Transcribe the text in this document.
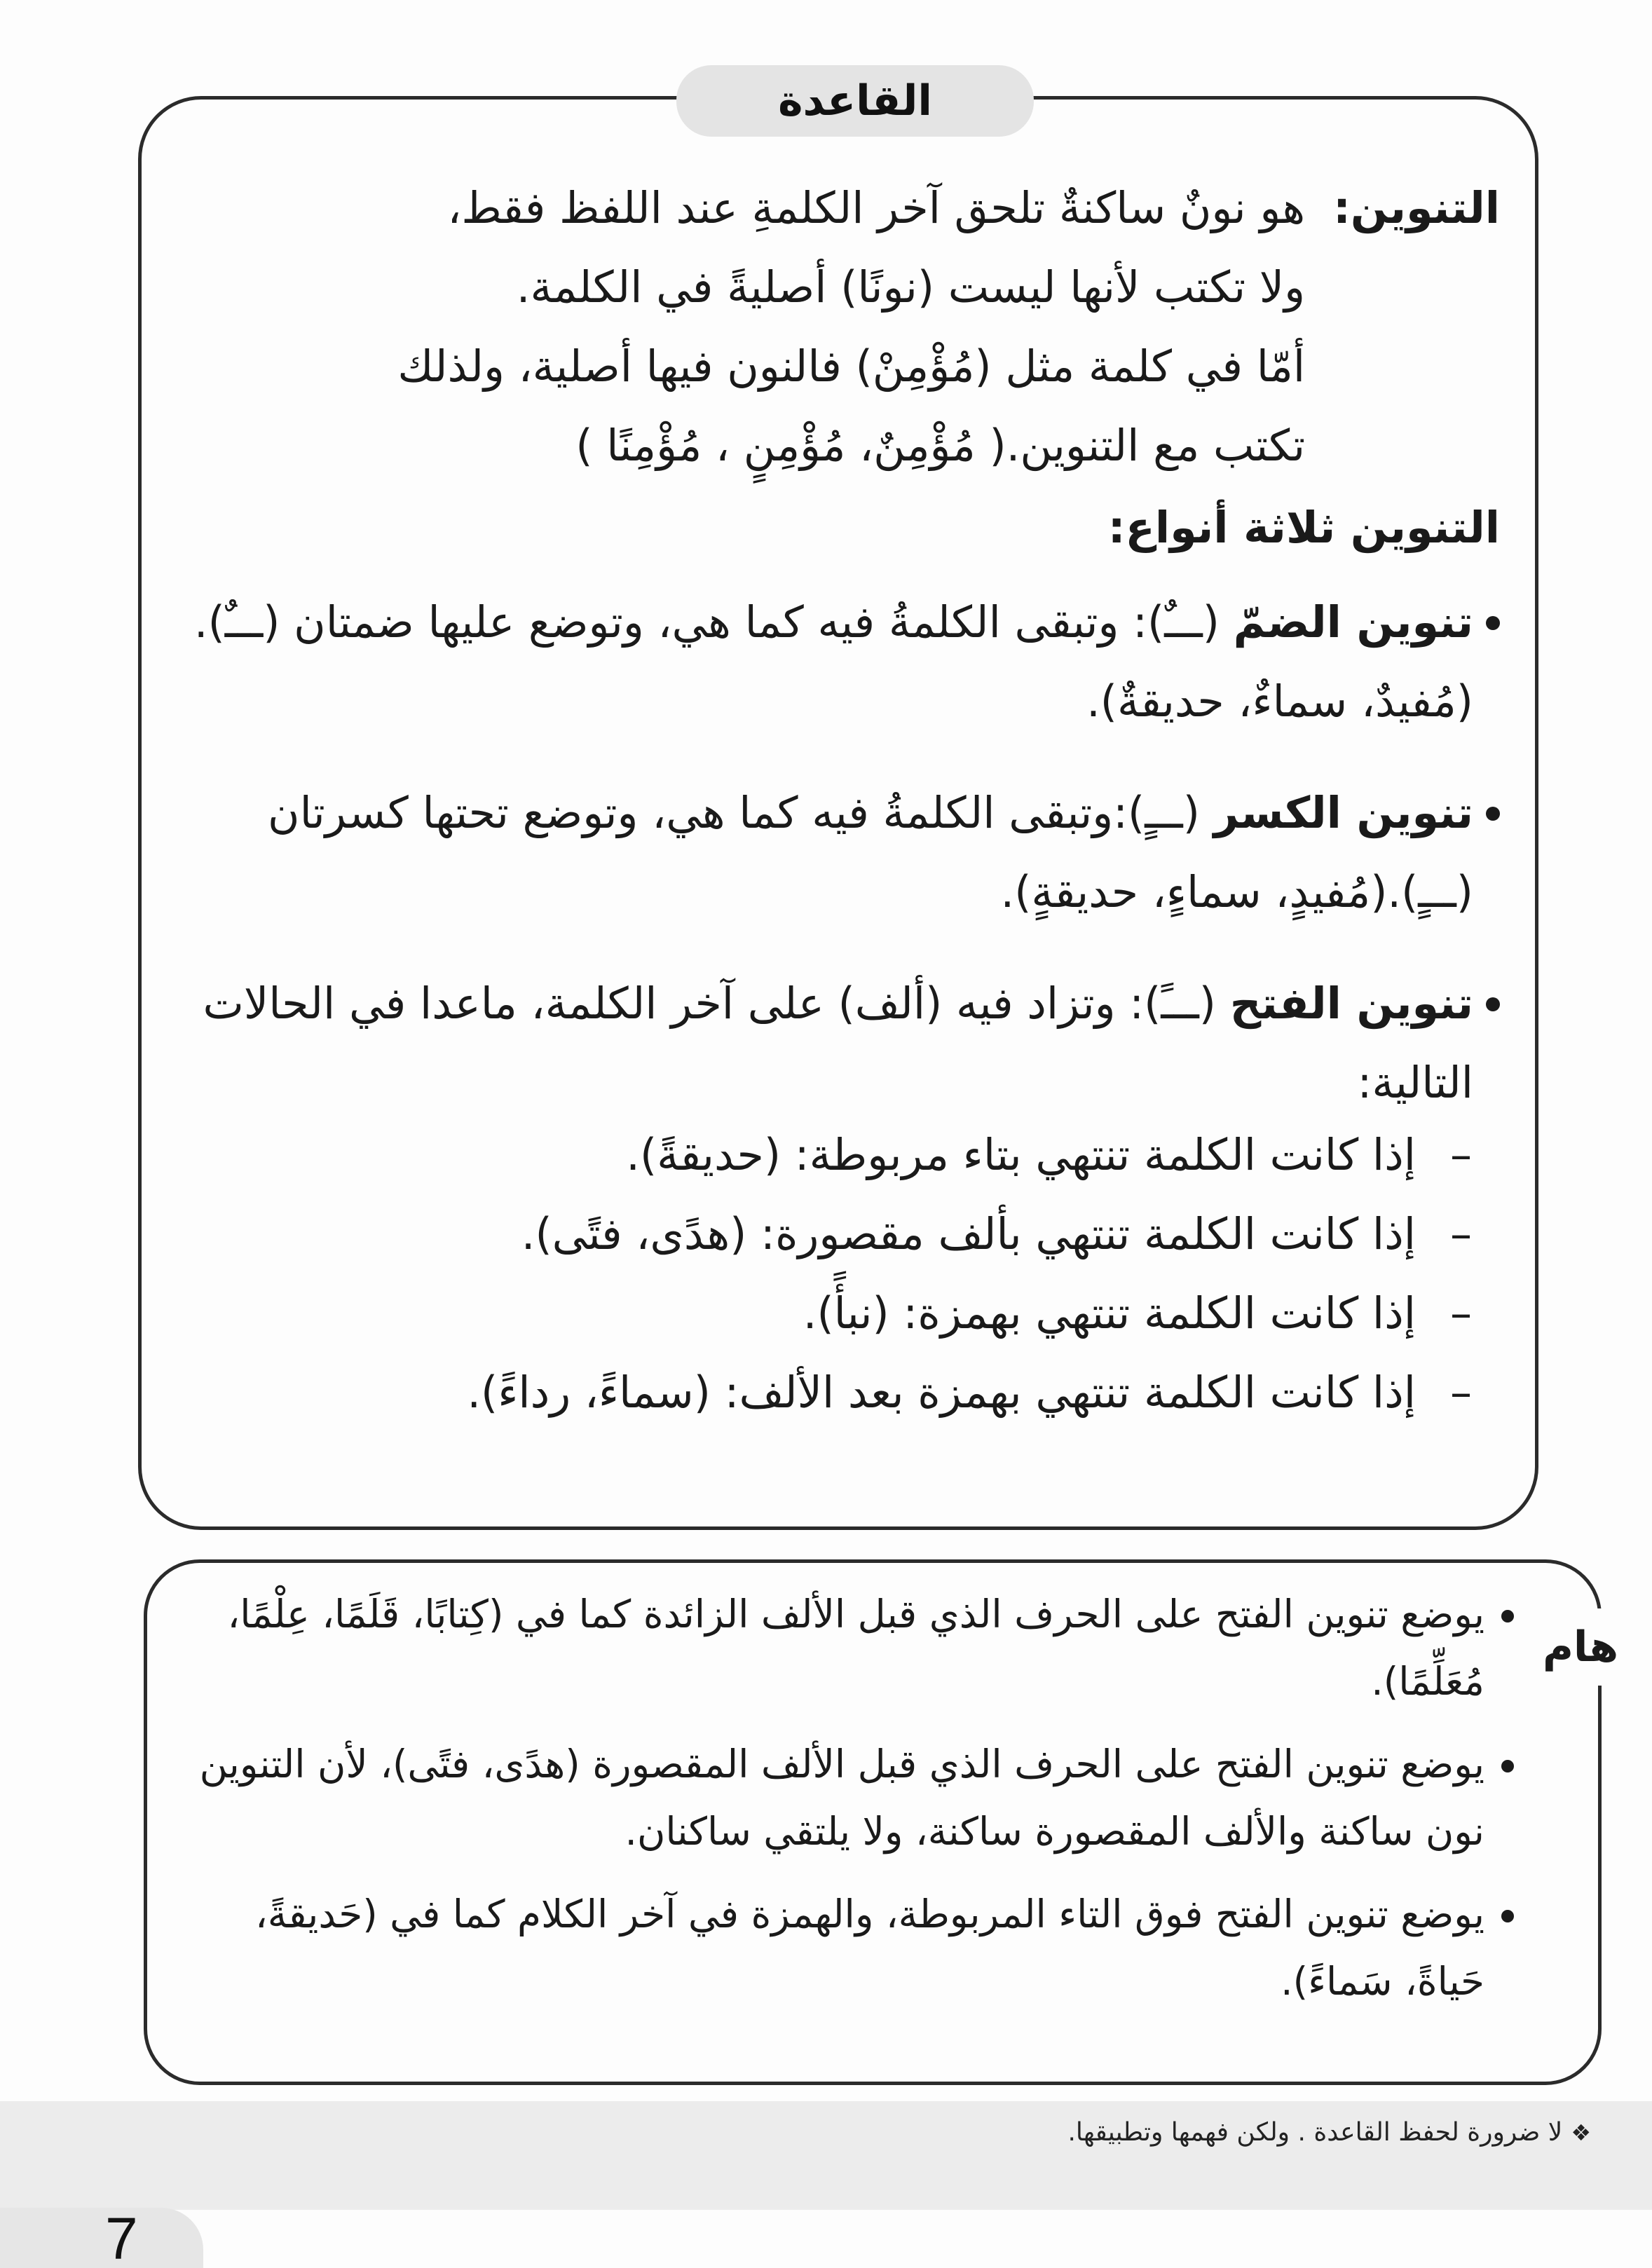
القاعدة
التنوين:

هو نونٌ ساكنةٌ تلحق آخر الكلمةِ عند اللفظ فقط،

ولا تكتب لأنها ليست (نونًا) أصليةً في الكلمة.

أمّا في كلمة مثل (مُؤْمِنْ) فالنون فيها أصلية، ولذلك

تكتب مع التنوين.( مُؤْمِنٌ، مُؤْمِنٍ ، مُؤْمِنًا )

التنوين ثلاثة أنواع:
تنوين الضمّ (ـــٌ): وتبقى الكلمةُ فيه كما هي، وتوضع عليها ضمتان (ـــٌ).(مُفيدٌ، سماءٌ، حديقةٌ).
تنوين الكسر (ـــٍ):وتبقى الكلمةُ فيه كما هي، وتوضع تحتها كسرتان (ـــٍ).(مُفيدٍ، سماءٍ، حديقةٍ).
تنوين الفتح (ـــً): وتزاد فيه (ألف) على آخر الكلمة، ماعدا في الحالات التالية:
–
إذا كانت الكلمة تنتهي بتاء مربوطة: (حديقةً).
–
إذا كانت الكلمة تنتهي بألف مقصورة: (هدًى، فتًى).
–
إذا كانت الكلمة تنتهي بهمزة: (نبأً).
–
إذا كانت الكلمة تنتهي بهمزة بعد الألف: (سماءً، رداءً).
هام
يوضع تنوين الفتح على الحرف الذي قبل الألف الزائدة كما في (كِتابًا، قَلَمًا، عِلْمًا، مُعَلِّمًا).
يوضع تنوين الفتح على الحرف الذي قبل الألف المقصورة (هدًى، فتًى)، لأن التنوين نون ساكنة والألف المقصورة ساكنة، ولا يلتقي ساكنان.
يوضع تنوين الفتح فوق التاء المربوطة، والهمزة في آخر الكلام كما في (حَديقةً، حَياةً، سَماءً).
❖لا ضرورة لحفظ القاعدة . ولكن فهمها وتطبيقها.
7
